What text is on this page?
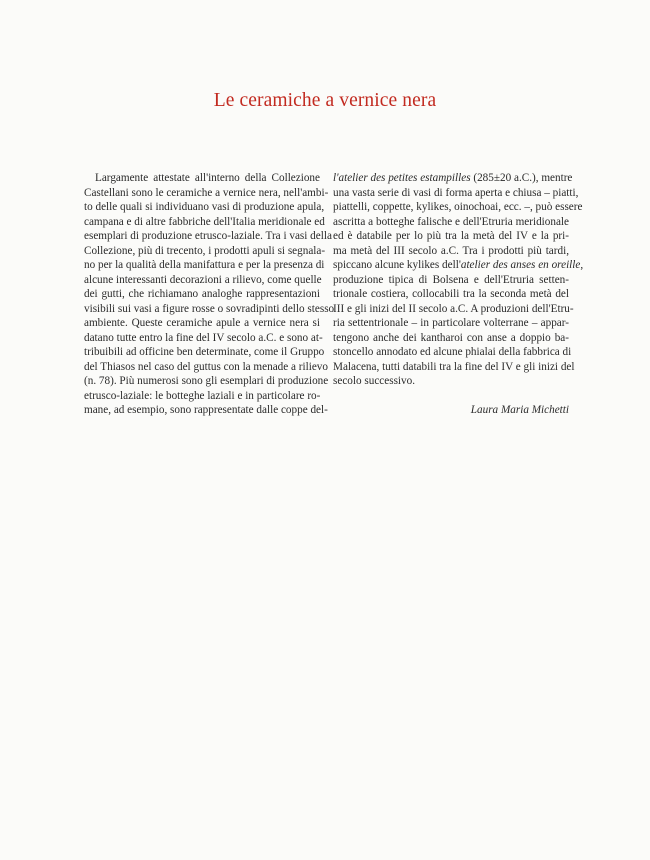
Le ceramiche a vernice nera
Largamente attestate all'interno della Collezione
Castellani sono le ceramiche a vernice nera, nell'ambi-
to delle quali si individuano vasi di produzione apula,
campana e di altre fabbriche dell'Italia meridionale ed
esemplari di produzione etrusco-laziale. Tra i vasi della
Collezione, più di trecento, i prodotti apuli si segnala-
no per la qualità della manifattura e per la presenza di
alcune interessanti decorazioni a rilievo, come quelle
dei gutti, che richiamano analoghe rappresentazioni
visibili sui vasi a figure rosse o sovradipinti dello stesso
ambiente. Queste ceramiche apule a vernice nera si
datano tutte entro la fine del IV secolo a.C. e sono at-
tribuibili ad officine ben determinate, come il Gruppo
del Thiasos nel caso del guttus con la menade a rilievo
(n. 78). Più numerosi sono gli esemplari di produzione
etrusco-laziale: le botteghe laziali e in particolare ro-
mane, ad esempio, sono rappresentate dalle coppe del-
l'atelier des petites estampilles (285±20 a.C.), mentre
una vasta serie di vasi di forma aperta e chiusa – piatti,
piattelli, coppette, kylikes, oinochoai, ecc. –, può essere
ascritta a botteghe falische e dell'Etruria meridionale
ed è databile per lo più tra la metà del IV e la pri-
ma metà del III secolo a.C. Tra i prodotti più tardi,
spiccano alcune kylikes dell'atelier des anses en oreille,
produzione tipica di Bolsena e dell'Etruria setten-
trionale costiera, collocabili tra la seconda metà del
III e gli inizi del II secolo a.C. A produzioni dell'Etru-
ria settentrionale – in particolare volterrane – appar-
tengono anche dei kantharoi con anse a doppio ba-
stoncello annodato ed alcune phialai della fabbrica di
Malacena, tutti databili tra la fine del IV e gli inizi del
secolo successivo.
Laura Maria Michetti
